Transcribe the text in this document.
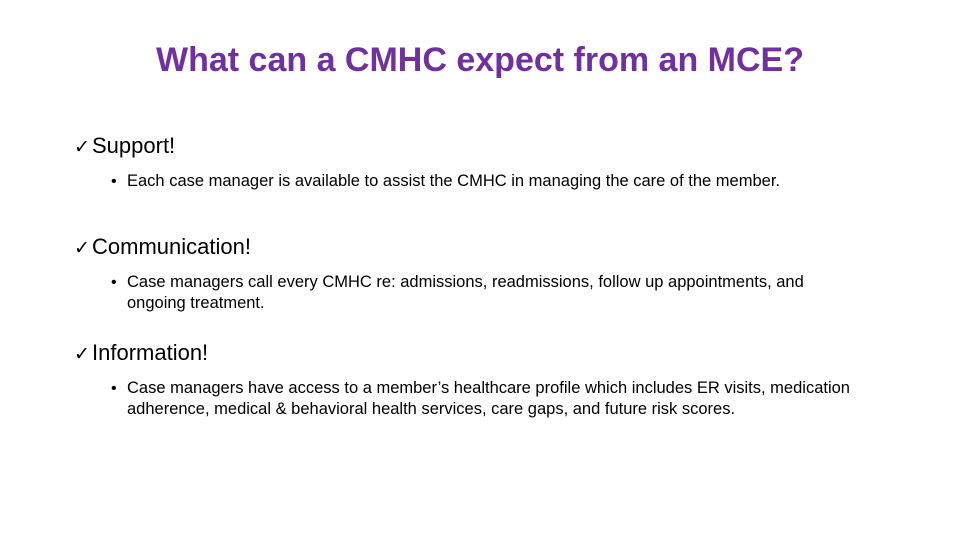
What can a CMHC expect from an MCE?
✓ Support!
• Each case manager is available to assist the CMHC in managing the care of the member.
✓ Communication!
• Case managers call every CMHC re: admissions, readmissions, follow up appointments, and ongoing treatment.
✓ Information!
• Case managers have access to a member’s healthcare profile which includes ER visits, medication adherence, medical & behavioral health services, care gaps, and future risk scores.
